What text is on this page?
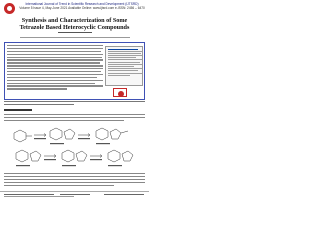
International Journal of Trend in Scientific Research and Development (IJTSRD)
Volume 5 Issue 4, May-June 2021 Available Online: www.ijtsrd.com e-ISSN: 2456 – 6470
Synthesis and Characterization of Some Tetrazole Based Heterocyclic Compounds
